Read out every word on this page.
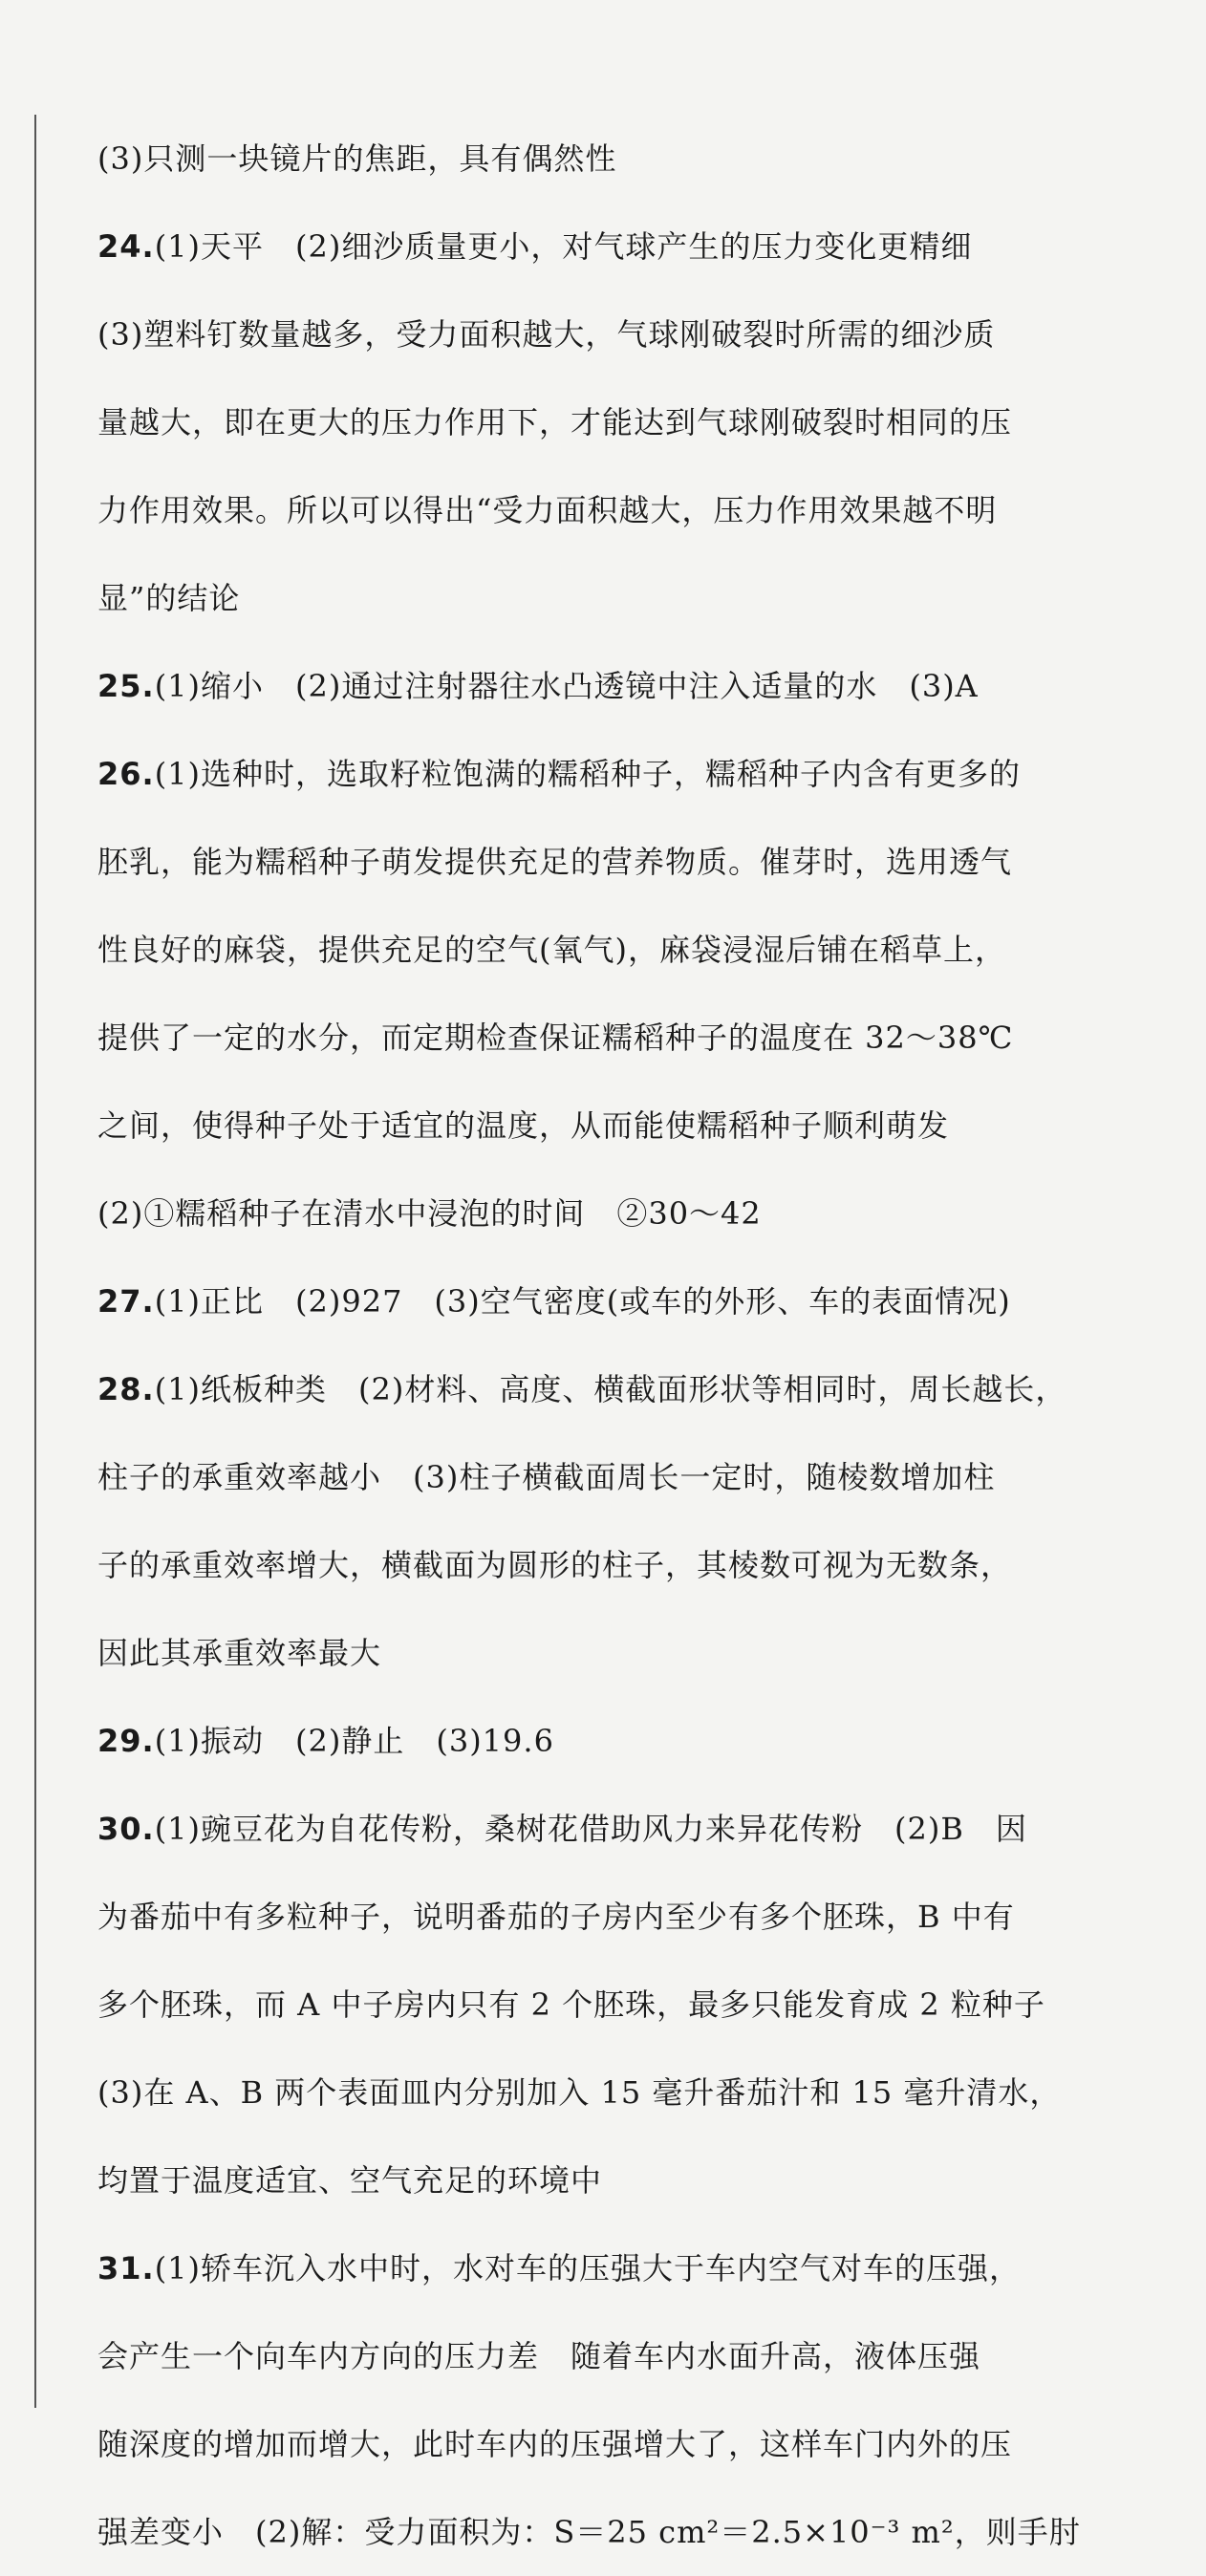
(3)只测一块镜片的焦距，具有偶然性
24.(1)天平　(2)细沙质量更小，对气球产生的压力变化更精细
(3)塑料钉数量越多，受力面积越大，气球刚破裂时所需的细沙质
量越大，即在更大的压力作用下，才能达到气球刚破裂时相同的压
力作用效果。所以可以得出“受力面积越大，压力作用效果越不明
显”的结论
25.(1)缩小　(2)通过注射器往水凸透镜中注入适量的水　(3)A
26.(1)选种时，选取籽粒饱满的糯稻种子，糯稻种子内含有更多的
胚乳，能为糯稻种子萌发提供充足的营养物质。催芽时，选用透气
性良好的麻袋，提供充足的空气(氧气)，麻袋浸湿后铺在稻草上，
提供了一定的水分，而定期检查保证糯稻种子的温度在 32～38℃
之间，使得种子处于适宜的温度，从而能使糯稻种子顺利萌发
(2)①糯稻种子在清水中浸泡的时间　②30～42
27.(1)正比　(2)927　(3)空气密度(或车的外形、车的表面情况)
28.(1)纸板种类　(2)材料、高度、横截面形状等相同时，周长越长，
柱子的承重效率越小　(3)柱子横截面周长一定时，随棱数增加柱
子的承重效率增大，横截面为圆形的柱子，其棱数可视为无数条，
因此其承重效率最大
29.(1)振动　(2)静止　(3)19.6
30.(1)豌豆花为自花传粉，桑树花借助风力来异花传粉　(2)B　因
为番茄中有多粒种子，说明番茄的子房内至少有多个胚珠，B 中有
多个胚珠，而 A 中子房内只有 2 个胚珠，最多只能发育成 2 粒种子
(3)在 A、B 两个表面皿内分别加入 15 毫升番茄汁和 15 毫升清水，
均置于温度适宜、空气充足的环境中
31.(1)轿车沉入水中时，水对车的压强大于车内空气对车的压强，
会产生一个向车内方向的压力差　随着车内水面升高，液体压强
随深度的增加而增大，此时车内的压强增大了，这样车门内外的压
强差变小　(2)解：受力面积为：S＝25 cm²＝2.5×10⁻³ m²，则手肘
